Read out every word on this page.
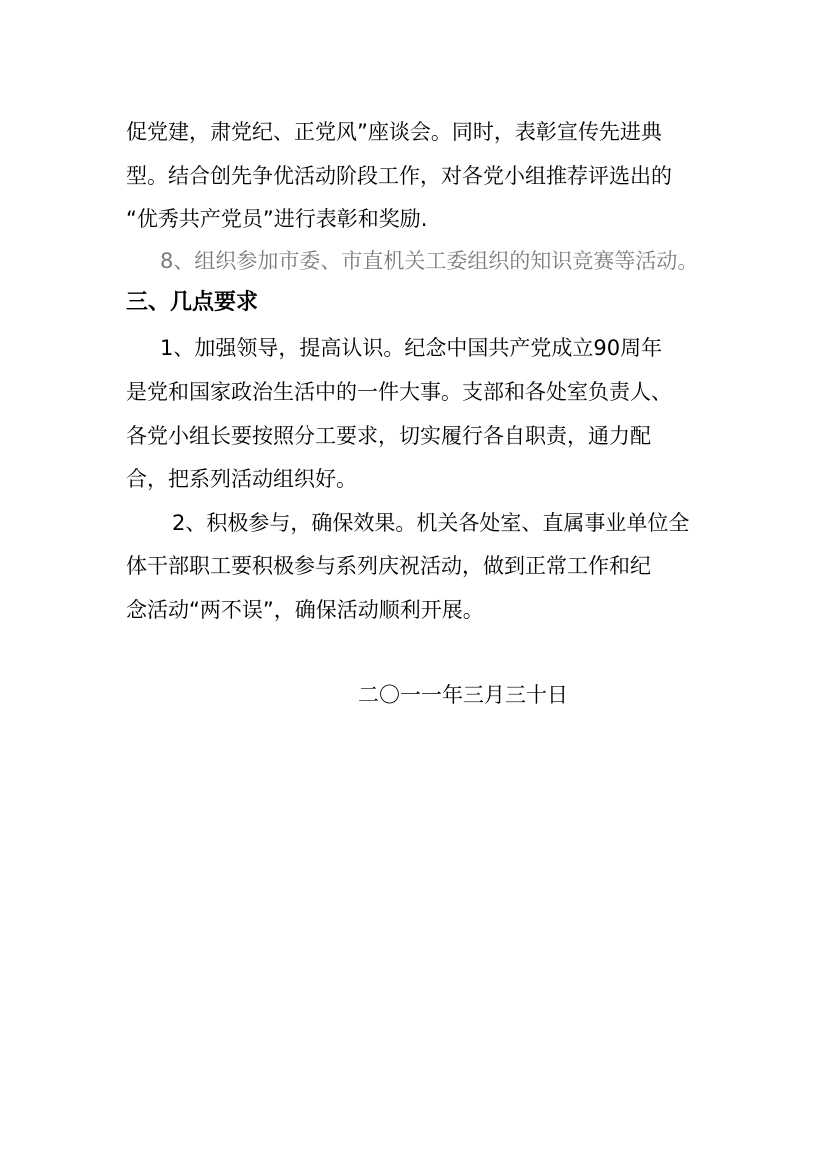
促党建，肃党纪、正党风”座谈会。同时，表彰宣传先进典
型。结合创先争优活动阶段工作，对各党小组推荐评选出的
“优秀共产党员”进行表彰和奖励.
8、组织参加市委、市直机关工委组织的知识竞赛等活动。
三、几点要求
1、加强领导，提高认识。纪念中国共产党成立90周年
是党和国家政治生活中的一件大事。支部和各处室负责人、
各党小组长要按照分工要求，切实履行各自职责，通力配
合，把系列活动组织好。
2、积极参与，确保效果。机关各处室、直属事业单位全
体干部职工要积极参与系列庆祝活动，做到正常工作和纪
念活动“两不误”，确保活动顺利开展。
二〇一一年三月三十日
